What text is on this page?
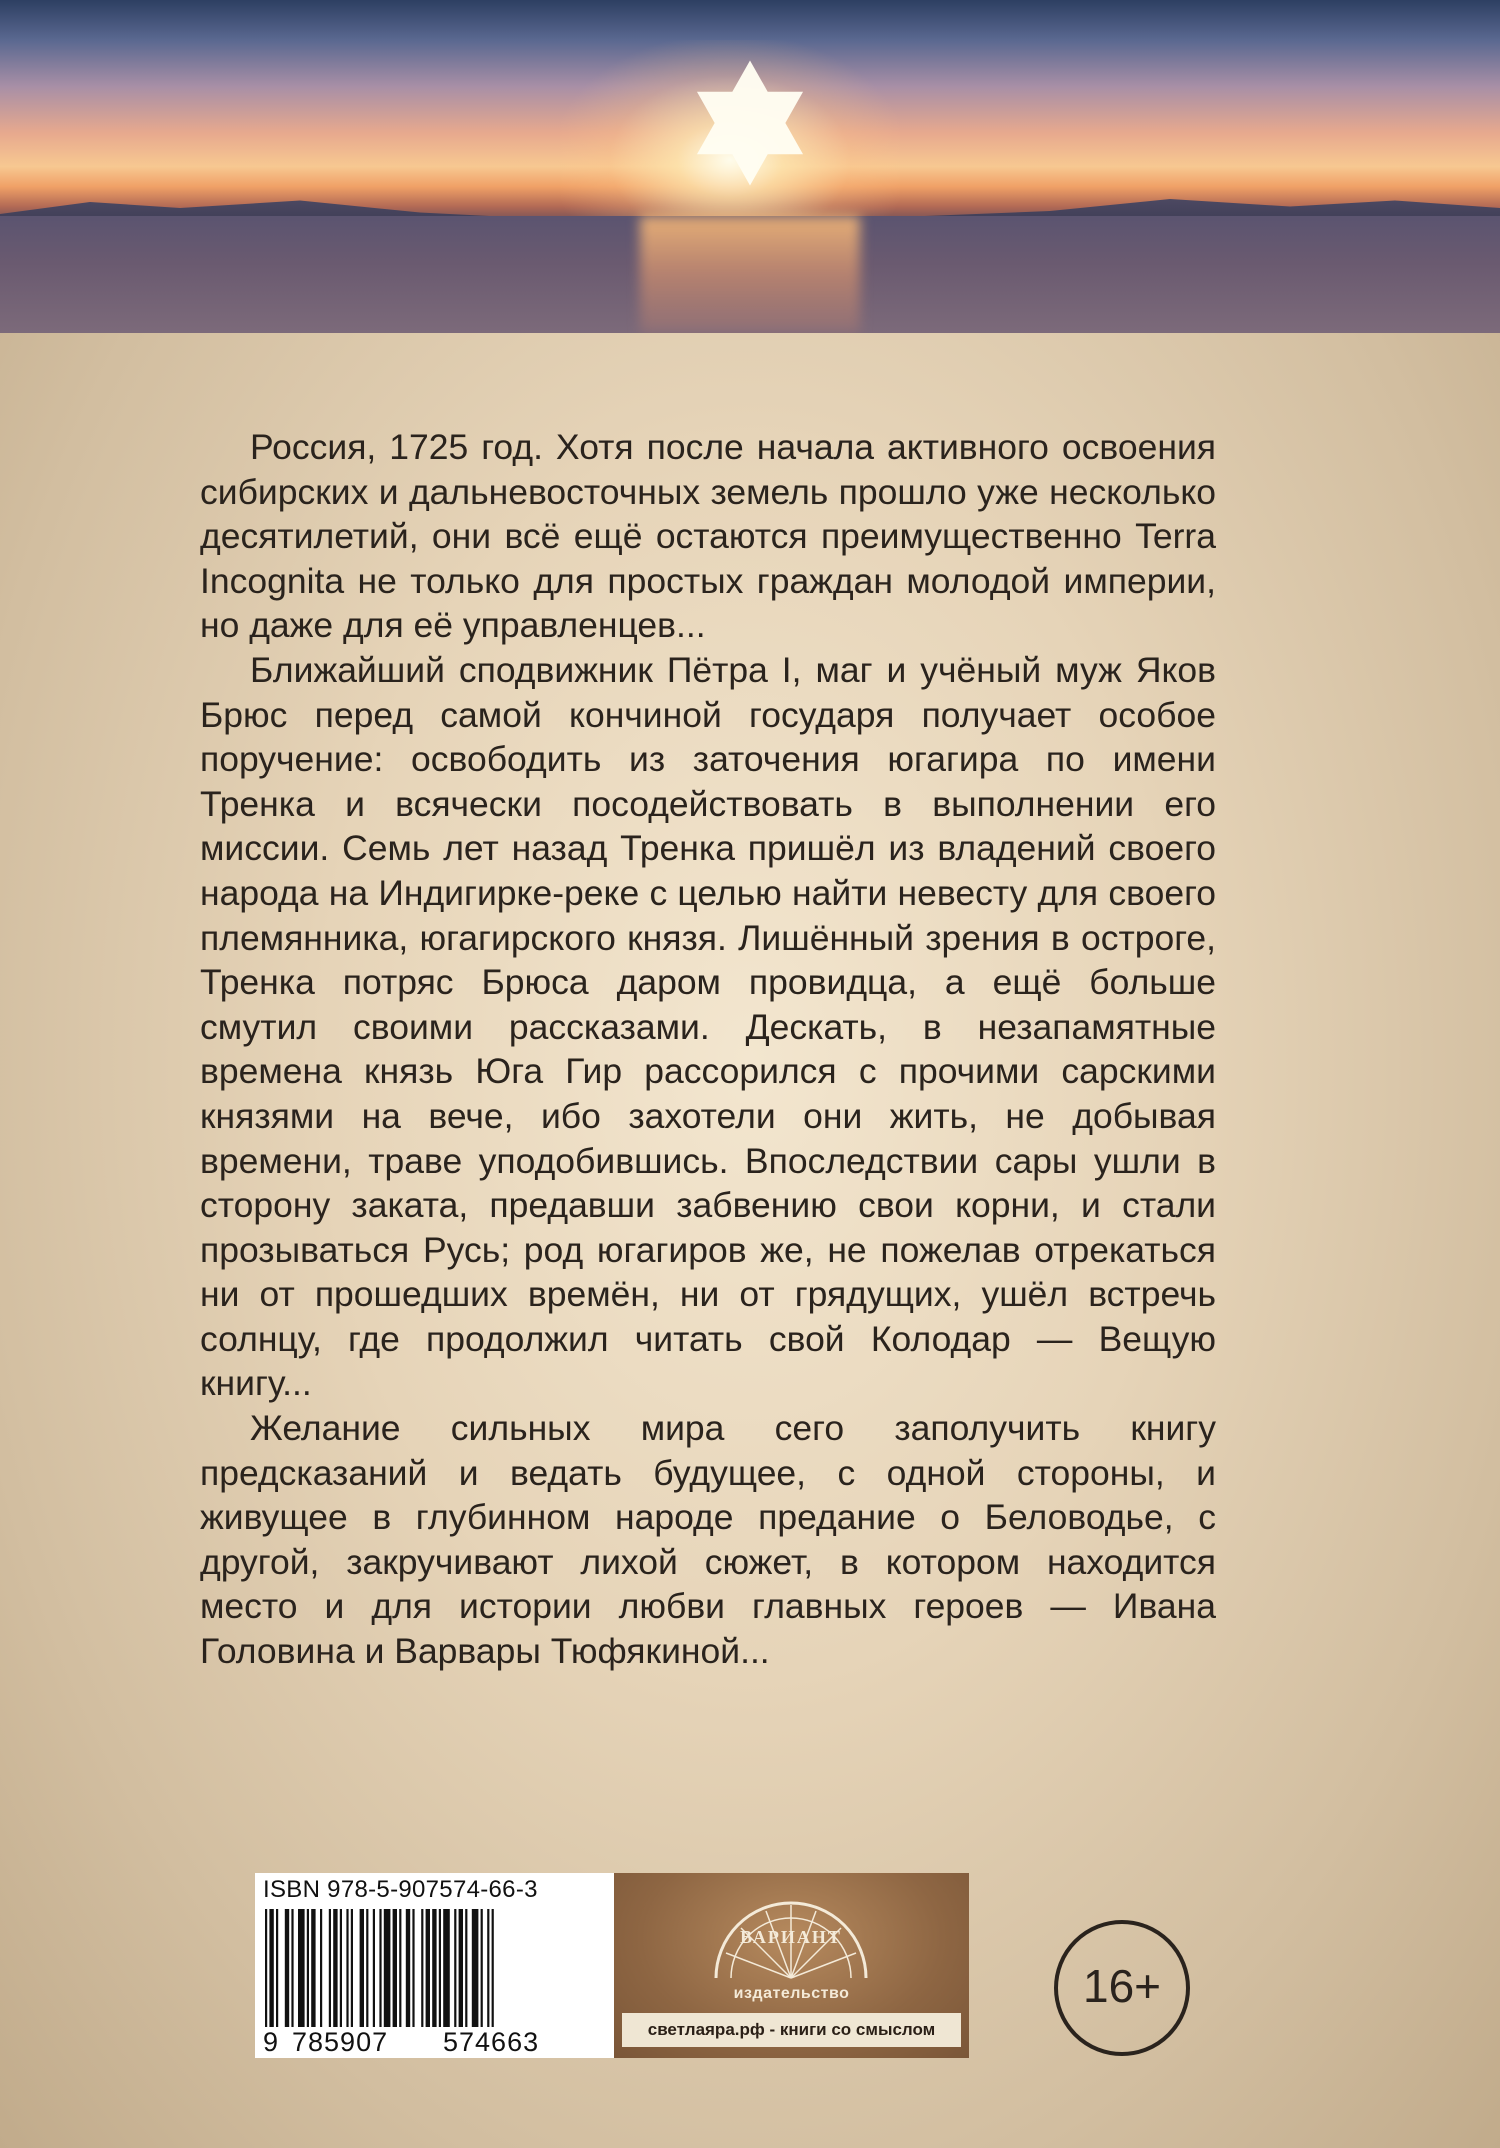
Россия, 1725 год. Хотя после начала активного освоения сибирских и дальневосточных земель прошло уже несколько десятилетий, они всё ещё остаются преимущественно Terra Incognita не только для простых граждан молодой империи, но даже для её управленцев...

Ближайший сподвижник Пётра I, маг и учёный муж Яков Брюс перед самой кончиной государя получает особое поручение: освободить из заточения югагира по имени Тренка и всячески посодействовать в выполнении его миссии. Семь лет назад Тренка пришёл из владений своего народа на Индигирке-реке с целью найти невесту для своего племянника, югагирского князя. Лишённый зрения в остроге, Тренка потряс Брюса даром провидца, а ещё больше смутил своими рассказами. Дескать, в незапамятные времена князь Юга Гир рассорился с прочими сарскими князями на вече, ибо захотели они жить, не добывая времени, траве уподобившись. Впоследствии сары ушли в сторону заката, предавши забвению свои корни, и стали прозываться Русь; род югагиров же, не пожелав отрекаться ни от прошедших времён, ни от грядущих, ушёл встречь солнцу, где продолжил читать свой Колодар — Вещую книгу...

Желание сильных мира сего заполучить книгу предсказаний и ведать будущее, с одной стороны, и живущее в глубинном народе предание о Беловодье, с другой, закручивают лихой сюжет, в котором находится место и для истории любви главных героев — Ивана Головина и Варвары Тюфякиной...

ISBN 978-5-907574-66-3
9 785907	574663
ВАРИАНТ
издательство
светлаяра.рф - книги со смыслом
16+
